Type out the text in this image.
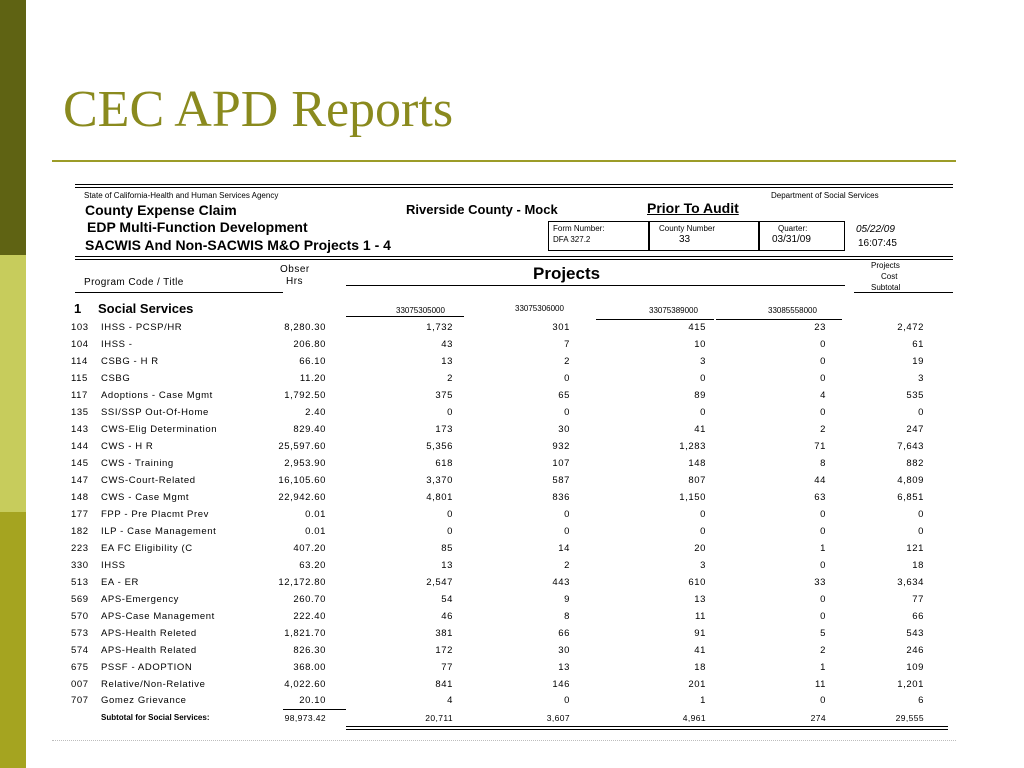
CEC APD Reports
State of California-Health and Human Services Agency	Department of Social Services
County Expense Claim
EDP Multi-Function Development
SACWIS And Non-SACWIS M&O Projects 1 - 4
Riverside County - Mock	Prior To Audit
Form Number:
DFA 327.2
County Number
33
Quarter:
03/31/09
05/22/09
16:07:45
Obser
Hrs
Program Code / Title	Projects	Projects
Cost
Subtotal
1 Social Services	33075305000	33075306000	33075389000	33085558000
103 IHSS - PCSP/HR	8,280.30	1,732	301	415	23	2,472
104 IHSS -	206.80	43	7	10	0	61
114 CSBG - H R	66.10	13	2	3	0	19
115 CSBG	11.20	2	0	0	0	3
117 Adoptions - Case Mgmt	1,792.50	375	65	89	4	535
135 SSI/SSP Out-Of-Home	2.40	0	0	0	0	0
143 CWS-Elig Determination	829.40	173	30	41	2	247
144 CWS - H R	25,597.60	5,356	932	1,283	71	7,643
145 CWS - Training	2,953.90	618	107	148	8	882
147 CWS-Court-Related	16,105.60	3,370	587	807	44	4,809
148 CWS - Case Mgmt	22,942.60	4,801	836	1,150	63	6,851
177 FPP - Pre Placmt Prev	0.01	0	0	0	0	0
182 ILP - Case Management	0.01	0	0	0	0	0
223 EA FC Eligibility (C	407.20	85	14	20	1	121
330 IHSS	63.20	13	2	3	0	18
513 EA - ER	12,172.80	2,547	443	610	33	3,634
569 APS-Emergency	260.70	54	9	13	0	77
570 APS-Case Management	222.40	46	8	11	0	66
573 APS-Health Releted	1,821.70	381	66	91	5	543
574 APS-Health Related	826.30	172	30	41	2	246
675 PSSF - ADOPTION	368.00	77	13	18	1	109
007 Relative/Non-Relative	4,022.60	841	146	201	11	1,201
707 Gomez Grievance	20.10	4	0	1	0	6
Subtotal for Social Services:	98,973.42	20,711	3,607	4,961	274	29,555
